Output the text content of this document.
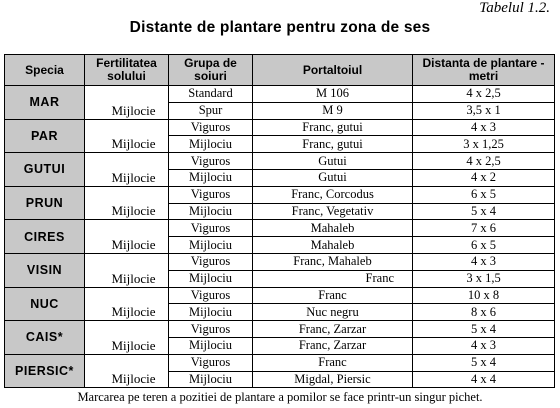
Tabelul 1.2.
Distante de plantare pentru zona de ses
Specia	Fertilitatea solului	Grupa de soiuri	Portaltoiul	Distanta de plantare - metri
MAR	Mijlocie	Standard	M 106	4 x 2,5
		Spur	M 9	3,5 x 1
PAR	Mijlocie	Viguros	Franc, gutui	4 x 3
		Mijlociu	Franc, gutui	3 x 1,25
GUTUI	Mijlocie	Viguros	Gutui	4 x 2,5
		Mijlociu	Gutui	4 x 2
PRUN	Mijlocie	Viguros	Franc, Corcodus	6 x 5
		Mijlociu	Franc, Vegetativ	5 x 4
CIRES	Mijlocie	Viguros	Mahaleb	7 x 6
		Mijlociu	Mahaleb	6 x 5
VISIN	Mijlocie	Viguros	Franc, Mahaleb	4 x 3
		Mijlociu	Franc	3 x 1,5
NUC	Mijlocie	Viguros	Franc	10 x 8
		Mijlociu	Nuc negru	8 x 6
CAIS*	Mijlocie	Viguros	Franc, Zarzar	5 x 4
		Mijlociu	Franc, Zarzar	4 x 3
PIERSIC*	Mijlocie	Viguros	Franc	5 x 4
		Mijlociu	Migdal, Piersic	4 x 4
Marcarea pe teren a pozitiei de plantare a pomilor se face printr-un singur pichet.
